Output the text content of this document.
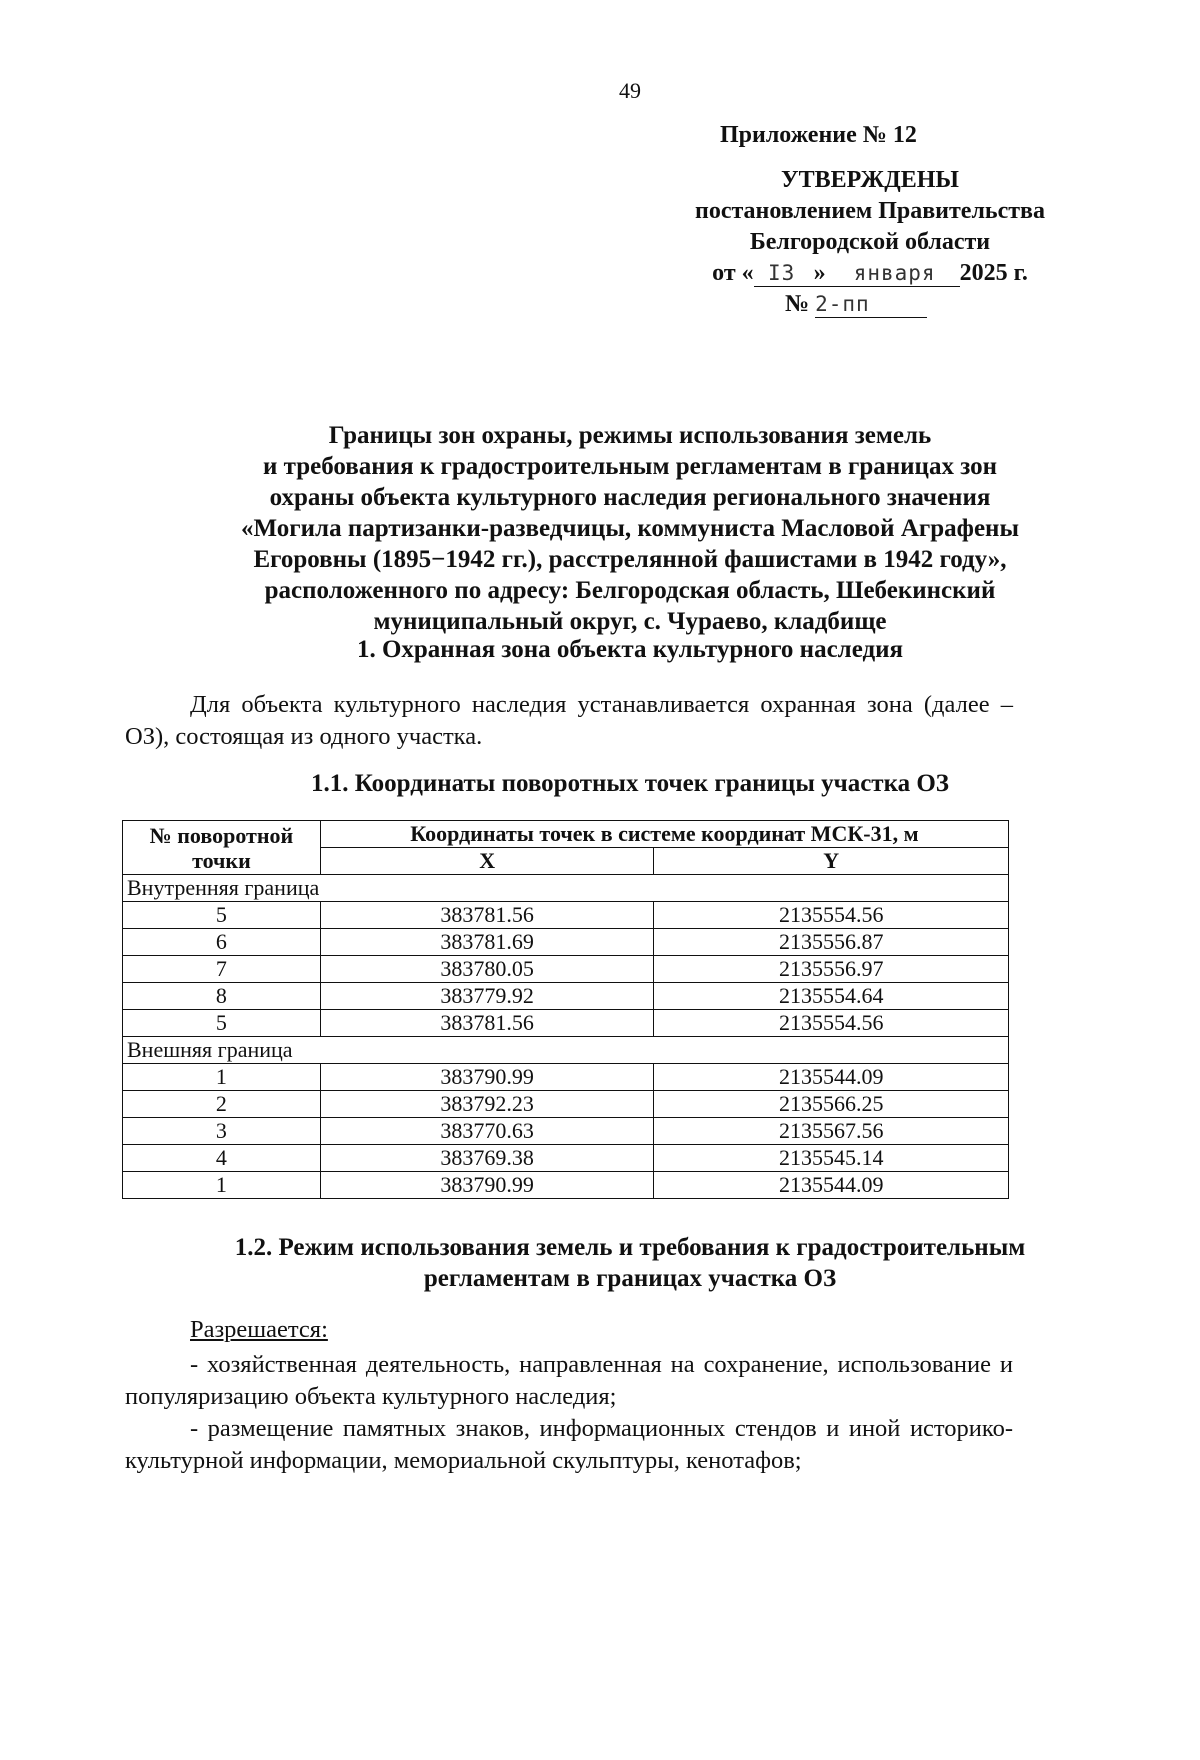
49
Приложение № 12
УТВЕРЖДЕНЫ
постановлением Правительства
Белгородской области
от « I3 » января 2025 г.
№ 2-пп
Границы зон охраны, режимы использования земель
и требования к градостроительным регламентам в границах зон
охраны объекта культурного наследия регионального значения
«Могила партизанки-разведчицы, коммуниста Масловой Аграфены
Егоровны (1895−1942 гг.), расстрелянной фашистами в 1942 году»,
расположенного по адресу: Белгородская область, Шебекинский
муниципальный округ, с. Чураево, кладбище
1. Охранная зона объекта культурного наследия
Для объекта культурного наследия устанавливается охранная зона (далее – ОЗ), состоящая из одного участка.
1.1. Координаты поворотных точек границы участка ОЗ
№ поворотной
точки	Координаты точек в системе координат МСК-31, м	
	X	Y
Внутренняя граница		
5	383781.56	2135554.56
6	383781.69	2135556.87
7	383780.05	2135556.97
8	383779.92	2135554.64
5	383781.56	2135554.56
Внешняя граница		
1	383790.99	2135544.09
2	383792.23	2135566.25
3	383770.63	2135567.56
4	383769.38	2135545.14
1	383790.99	2135544.09
1.2. Режим использования земель и требования к градостроительным
регламентам в границах участка ОЗ
Разрешается:
- хозяйственная деятельность, направленная на сохранение, использование и популяризацию объекта культурного наследия;
- размещение памятных знаков, информационных стендов и иной историко-культурной информации, мемориальной скульптуры, кенотафов;
